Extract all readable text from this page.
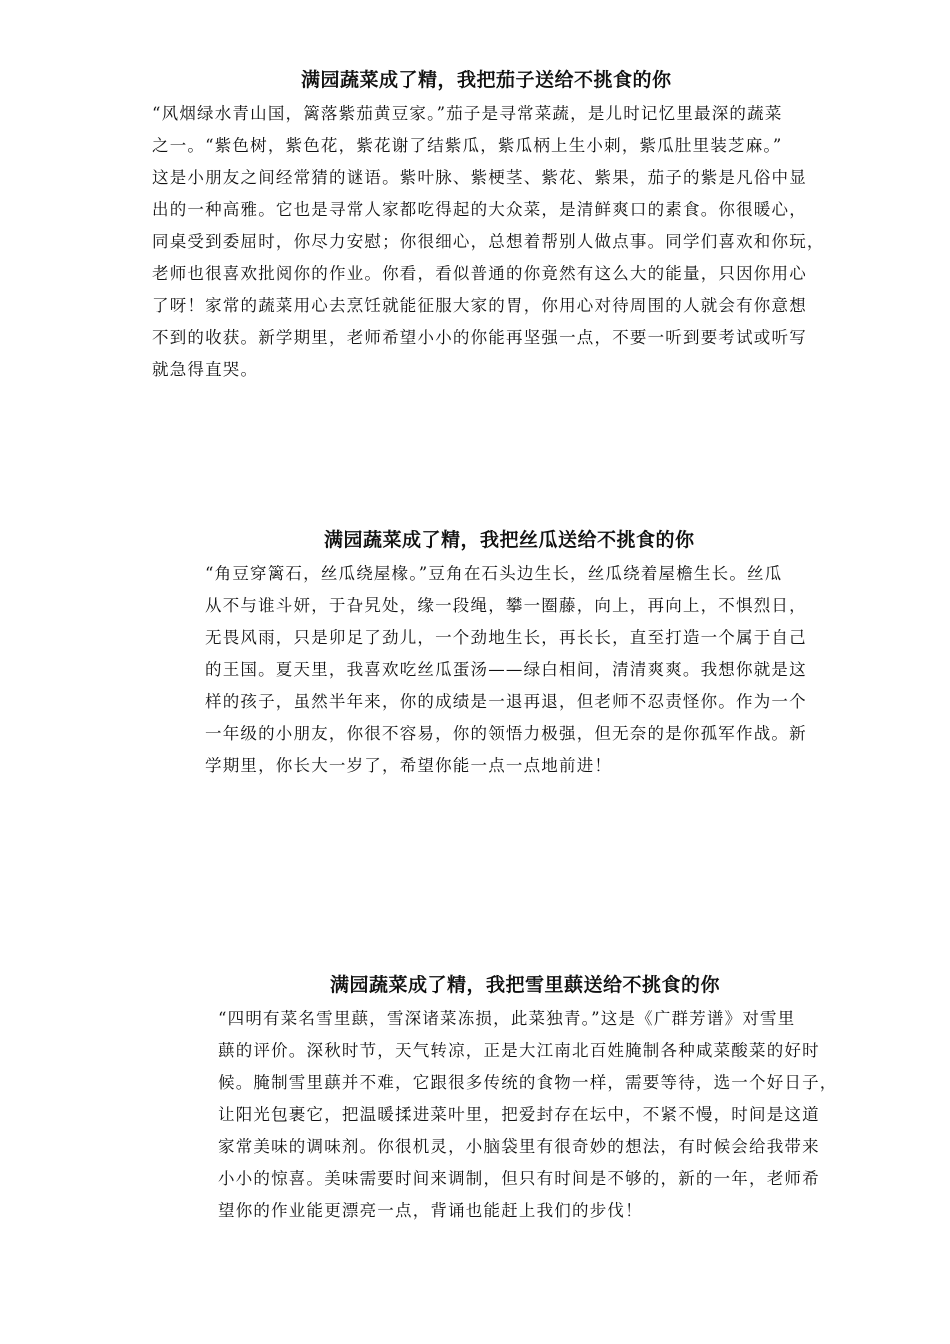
满园蔬菜成了精，我把茄子送给不挑食的你
“风烟绿水青山国，篱落紫茄黄豆家。”茄子是寻常菜蔬，是儿时记忆里最深的蔬菜
之一。“紫色树，紫色花，紫花谢了结紫瓜，紫瓜柄上生小刺，紫瓜肚里装芝麻。”
这是小朋友之间经常猜的谜语。紫叶脉、紫梗茎、紫花、紫果，茄子的紫是凡俗中显
出的一种高雅。它也是寻常人家都吃得起的大众菜，是清鲜爽口的素食。你很暖心，
同桌受到委屈时，你尽力安慰；你很细心，总想着帮别人做点事。同学们喜欢和你玩，
老师也很喜欢批阅你的作业。你看，看似普通的你竟然有这么大的能量，只因你用心
了呀！家常的蔬菜用心去烹饪就能征服大家的胃，你用心对待周围的人就会有你意想
不到的收获。新学期里，老师希望小小的你能再坚强一点，不要一听到要考试或听写
就急得直哭。
满园蔬菜成了精，我把丝瓜送给不挑食的你
“角豆穿篱石，丝瓜绕屋椽。”豆角在石头边生长，丝瓜绕着屋檐生长。丝瓜
从不与谁斗妍，于旮旯处，缘一段绳，攀一圈藤，向上，再向上，不惧烈日，
无畏风雨，只是卯足了劲儿，一个劲地生长，再长长，直至打造一个属于自己
的王国。夏天里，我喜欢吃丝瓜蛋汤——绿白相间，清清爽爽。我想你就是这
样的孩子，虽然半年来，你的成绩是一退再退，但老师不忍责怪你。作为一个
一年级的小朋友，你很不容易，你的领悟力极强，但无奈的是你孤军作战。新
学期里，你长大一岁了，希望你能一点一点地前进！
满园蔬菜成了精，我把雪里蕻送给不挑食的你
“四明有菜名雪里蕻，雪深诸菜冻损，此菜独青。”这是《广群芳谱》对雪里
蕻的评价。深秋时节，天气转凉，正是大江南北百姓腌制各种咸菜酸菜的好时
候。腌制雪里蕻并不难，它跟很多传统的食物一样，需要等待，选一个好日子，
让阳光包裹它，把温暖揉进菜叶里，把爱封存在坛中，不紧不慢，时间是这道
家常美味的调味剂。你很机灵，小脑袋里有很奇妙的想法，有时候会给我带来
小小的惊喜。美味需要时间来调制，但只有时间是不够的，新的一年，老师希
望你的作业能更漂亮一点，背诵也能赶上我们的步伐！
